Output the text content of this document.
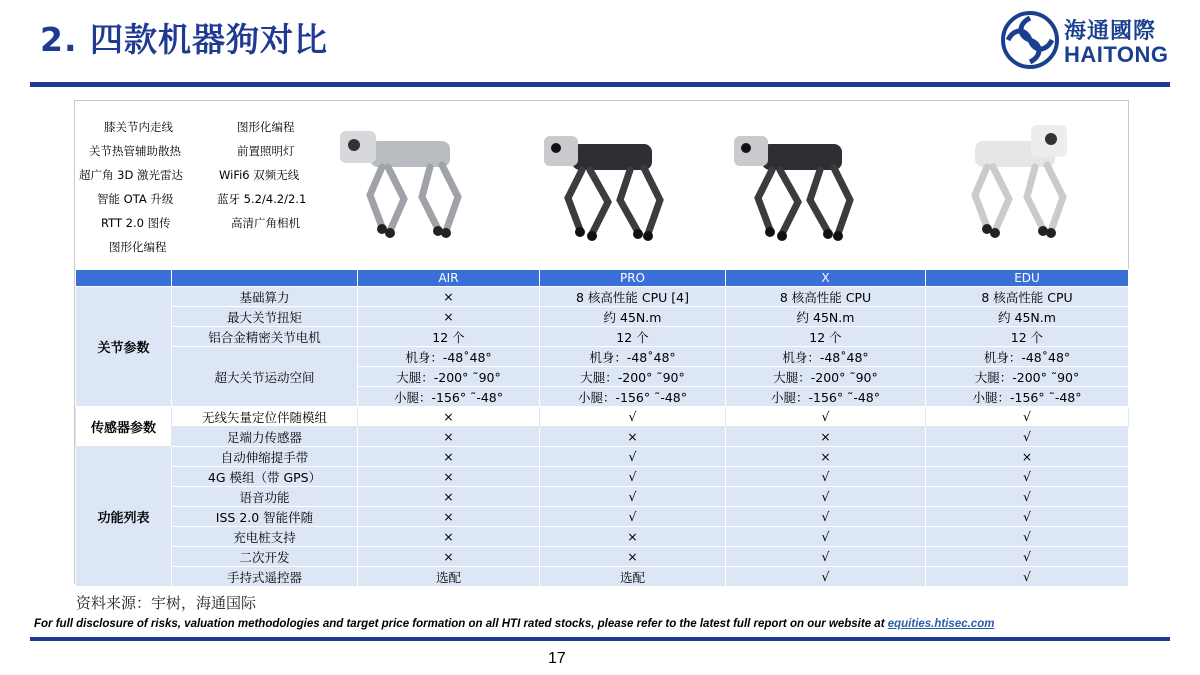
2. 四款机器狗对比	海通國際
HAITONG
膝关节内走线	图形化编程
关节热管辅助散热	前置照明灯
超广角 3D 激光雷达	WiFi6 双频无线
智能 OTA 升级	蓝牙 5.2/4.2/2.1
RTT 2.0 图传	高清广角相机
图形化编程
		AIR	PRO	X	EDU
关节参数	基础算力	×	8 核高性能 CPU [4]	8 核高性能 CPU	8 核高性能 CPU
	最大关节扭矩	×	约 45N.m	约 45N.m	约 45N.m
	铝合金精密关节电机	12 个	12 个	12 个	12 个
	超大关节运动空间	机身：-48˚48°	机身：-48˚48°	机身：-48˚48°	机身：-48˚48°
		大腿：-200° ˜90°	大腿：-200° ˜90°	大腿：-200° ˜90°	大腿：-200° ˜90°
		小腿：-156° ˜-48°	小腿：-156° ˜-48°	小腿：-156° ˜-48°	小腿：-156° ˜-48°
传感器参数	无线矢量定位伴随模组	×	√	√	√
	足端力传感器	×	×	×	√
功能列表	自动伸缩提手带	×	√	×	×
	4G 模组（带 GPS）	×	√	√	√
	语音功能	×	√	√	√
	ISS 2.0 智能伴随	×	√	√	√
	充电桩支持	×	×	√	√
	二次开发	×	×	√	√
	手持式遥控器	选配	选配	√	√
资料来源：宇树，海通国际
For full disclosure of risks, valuation methodologies and target price formation on all HTI rated stocks, please refer to the latest full report on our website at equities.htisec.com
17
